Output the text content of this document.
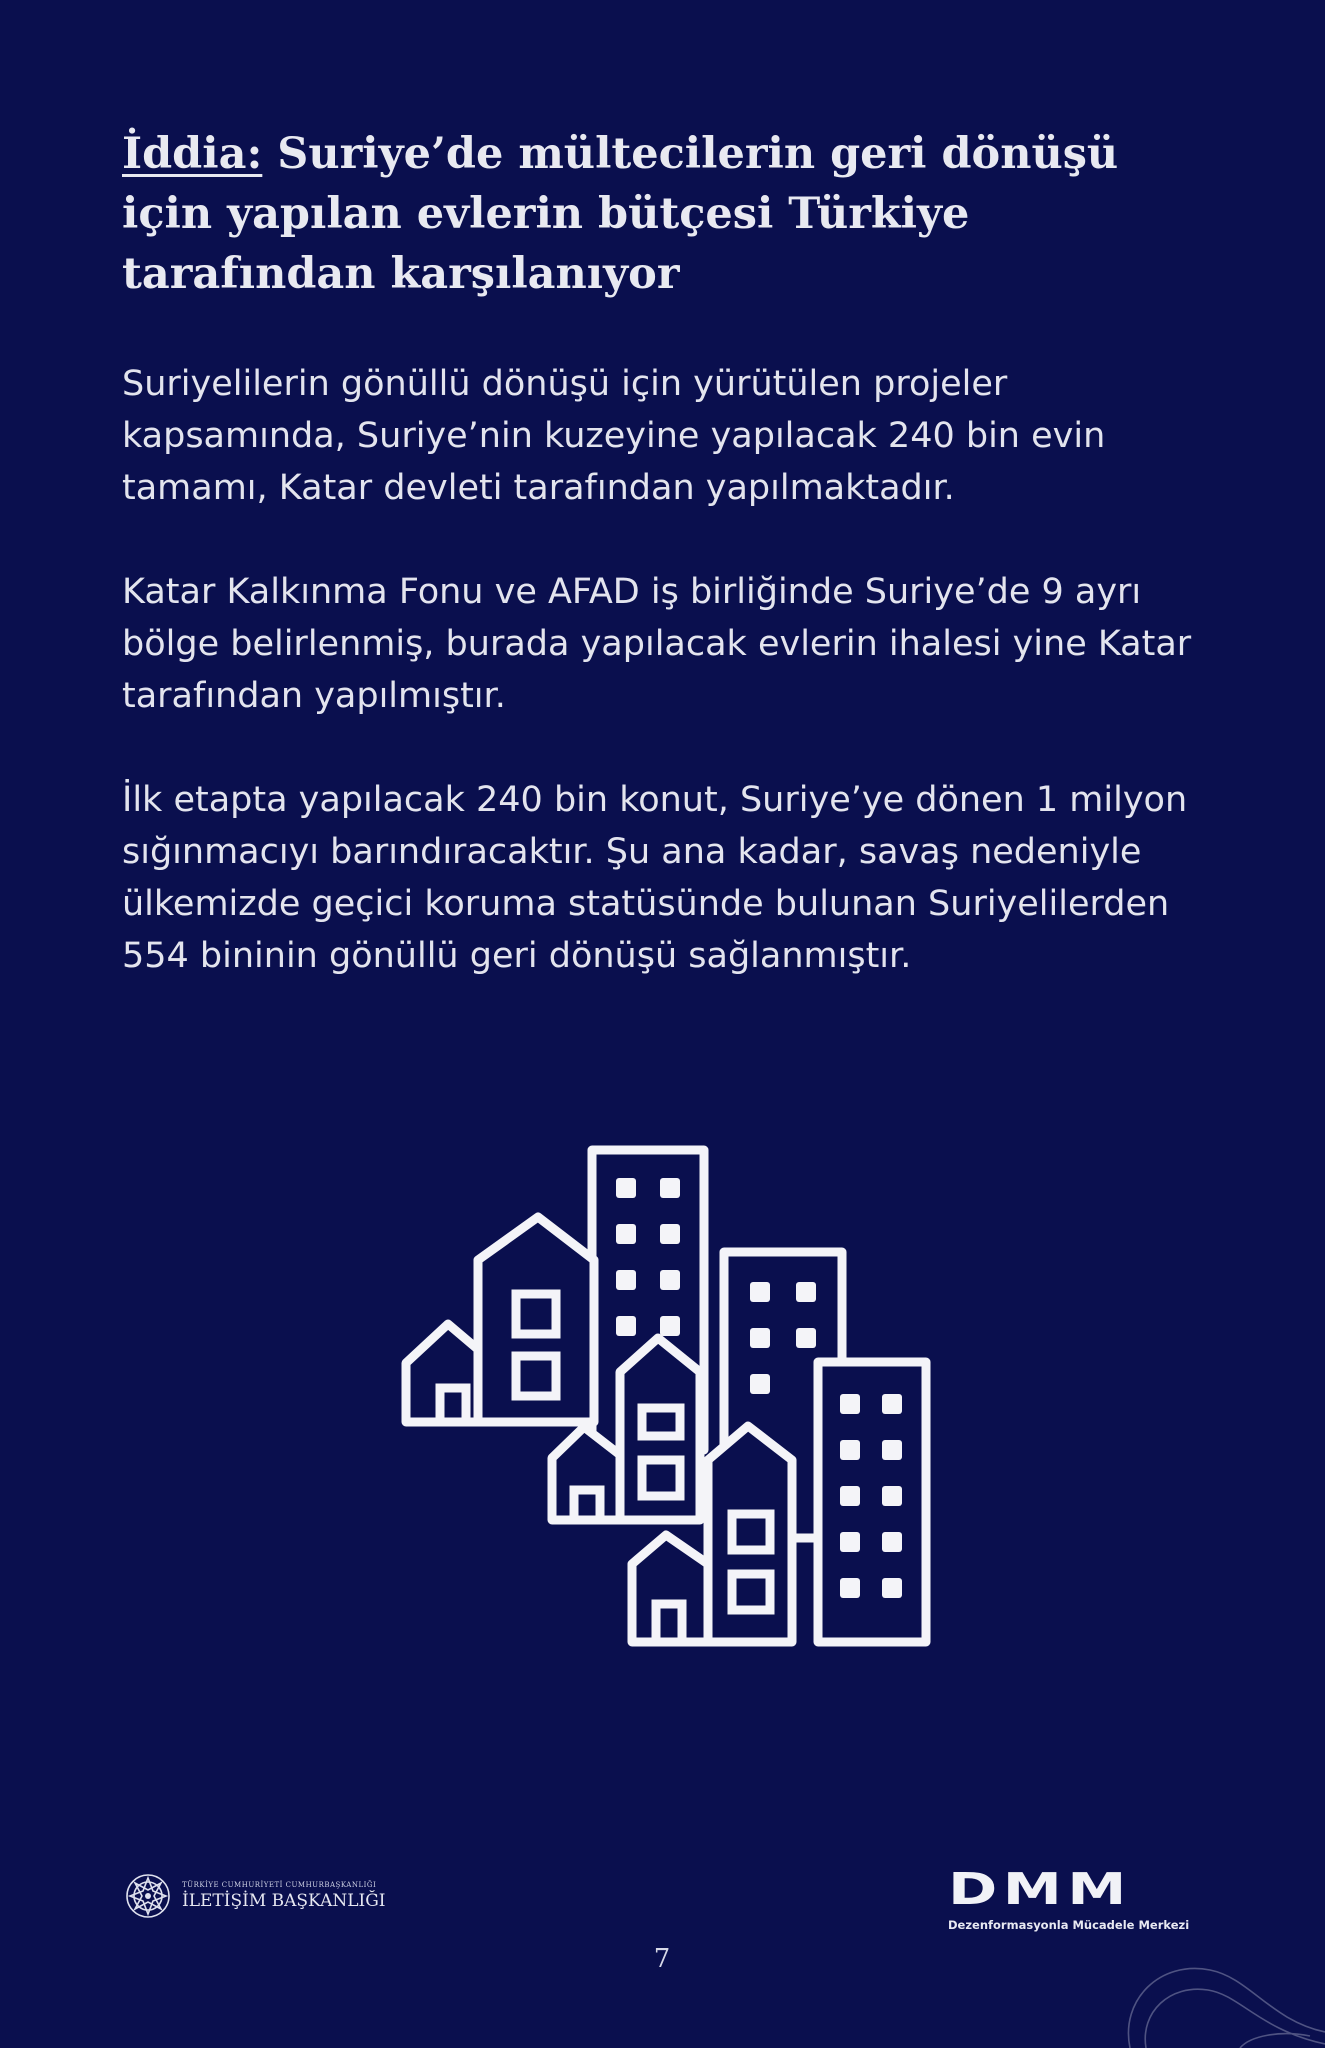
İddia: Suriye’de mültecilerin geri dönüşü için yapılan evlerin bütçesi Türkiye tarafından karşılanıyor

Suriyelilerin gönüllü dönüşü için yürütülen projeler kapsamında, Suriye’nin kuzeyine yapılacak 240 bin evin tamamı, Katar devleti tarafından yapılmaktadır.

Katar Kalkınma Fonu ve AFAD iş birliğinde Suriye’de 9 ayrı bölge belirlenmiş, burada yapılacak evlerin ihalesi yine Katar tarafından yapılmıştır.

İlk etapta yapılacak 240 bin konut, Suriye’ye dönen 1 milyon sığınmacıyı barındıracaktır. Şu ana kadar, savaş nedeniyle ülkemizde geçici koruma statüsünde bulunan Suriyelilerden 554 bininin gönüllü geri dönüşü sağlanmıştır.

TÜRKİYE CUMHURİYETİ CUMHURBAŞKANLIĞI
İLETİŞİM BAŞKANLIĞI	DMM
Dezenformasyonla Mücadele Merkezi
7
